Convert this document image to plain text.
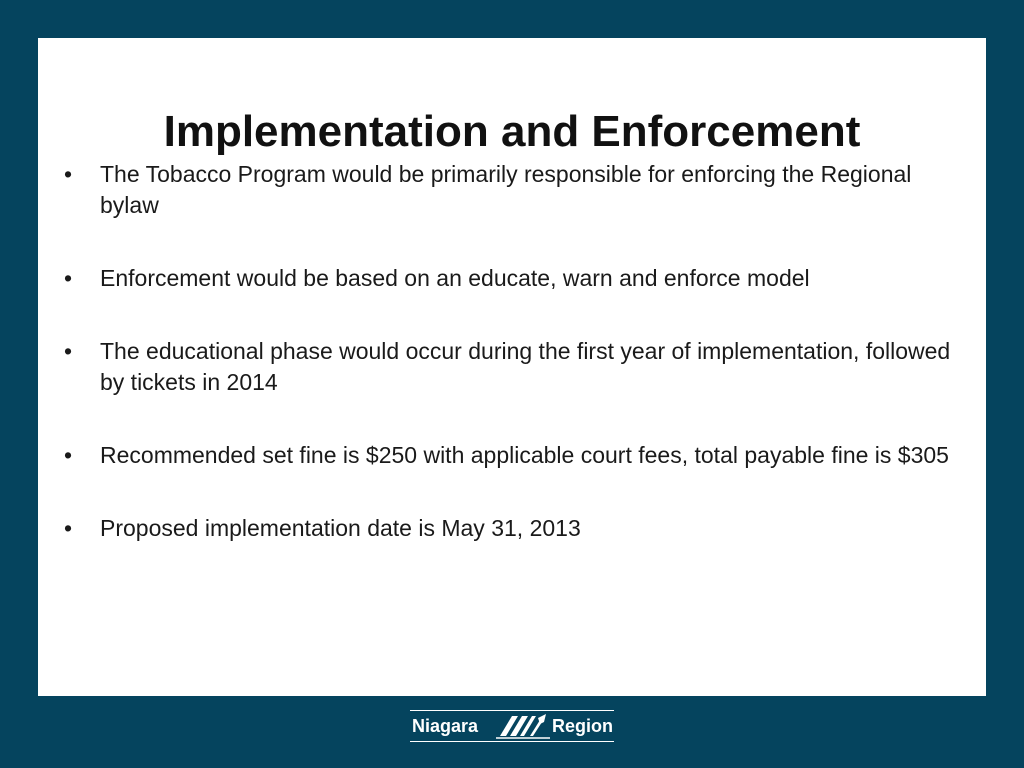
Implementation and Enforcement
• The Tobacco Program would be primarily responsible for enforcing the Regional bylaw
• Enforcement would be based on an educate, warn and enforce model
• The educational phase would occur during the first year of implementation, followed by tickets in 2014
• Recommended set fine is $250 with applicable court fees, total payable fine is $305
• Proposed implementation date is May 31, 2013
Niagara	Region
